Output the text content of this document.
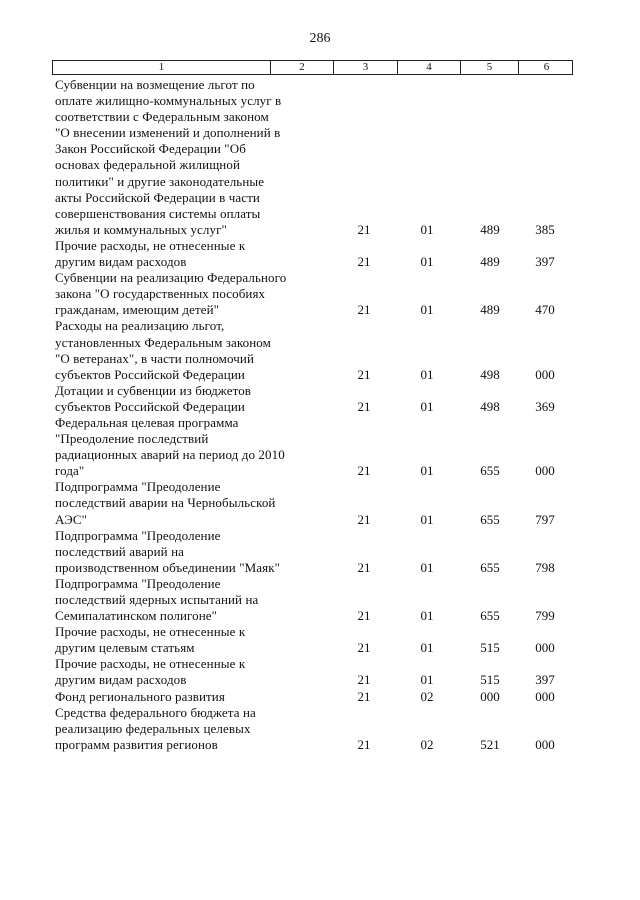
286
1	2	3	4	5	6
Субвенции на возмещение льгот по оплате жилищно-коммунальных услуг в соответствии с Федеральным законом "О внесении изменений и дополнений в Закон Российской Федерации "Об основах федеральной жилищной политики" и другие законодательные акты Российской Федерации в части совершенствования системы оплаты жилья и коммунальных услуг"	21	01	489	385
Прочие расходы, не отнесенные к другим видам расходов	21	01	489	397
Субвенции на реализацию Федерального закона "О государственных пособиях гражданам, имеющим детей"	21	01	489	470
Расходы на реализацию льгот, установленных Федеральным законом "О ветеранах", в части полномочий субъектов Российской Федерации	21	01	498	000
Дотации и субвенции из бюджетов субъектов Российской Федерации	21	01	498	369
Федеральная целевая программа "Преодоление последствий радиационных аварий на период до 2010 года"	21	01	655	000
Подпрограмма "Преодоление последствий аварии на Чернобыльской АЭС"	21	01	655	797
Подпрограмма "Преодоление последствий аварий на производственном объединении "Маяк"	21	01	655	798
Подпрограмма "Преодоление последствий ядерных испытаний на Семипалатинском полигоне"	21	01	655	799
Прочие расходы, не отнесенные к другим целевым статьям	21	01	515	000
Прочие расходы, не отнесенные к другим видам расходов	21	01	515	397
Фонд регионального развития	21	02	000	000
Средства федерального бюджета на реализацию федеральных целевых программ развития регионов	21	02	521	000
